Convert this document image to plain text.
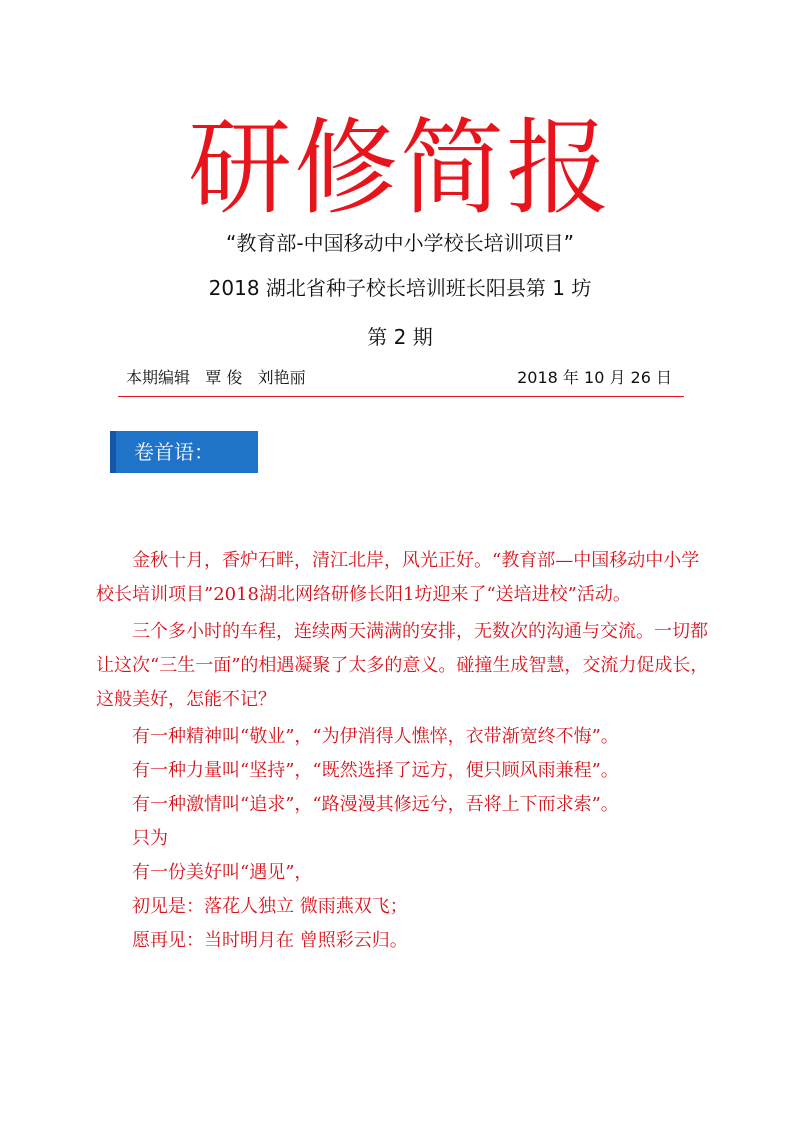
研修简报
“教育部-中国移动中小学校长培训项目”
2018 湖北省种子校长培训班长阳县第 1 坊
第 2 期
本期编辑   覃 俊   刘艳丽	2018 年 10 月 26 日
卷首语：

金秋十月，香炉石畔，清江北岸，风光正好。“教育部—中国移动中小学校长培训项目”2018湖北网络研修长阳1坊迎来了“送培进校”活动。

三个多小时的车程，连续两天满满的安排，无数次的沟通与交流。一切都让这次“三生一面”的相遇凝聚了太多的意义。碰撞生成智慧，交流力促成长，这般美好，怎能不记？

有一种精神叫“敬业”，“为伊消得人憔悴，衣带渐宽终不悔”。

有一种力量叫“坚持”，“既然选择了远方，便只顾风雨兼程”。

有一种激情叫“追求”，“路漫漫其修远兮，吾将上下而求索”。

只为

有一份美好叫“遇见”，

初见是：落花人独立 微雨燕双飞；

愿再见：当时明月在 曾照彩云归。
